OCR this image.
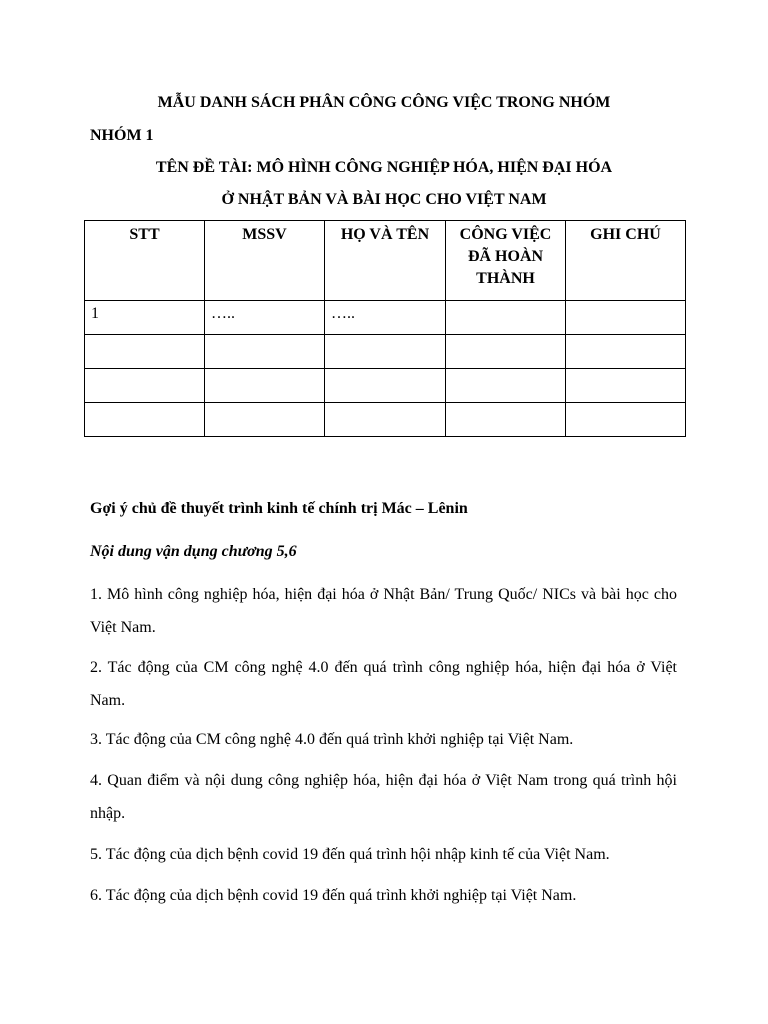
MẪU DANH SÁCH PHÂN CÔNG CÔNG VIỆC TRONG NHÓM
NHÓM 1
TÊN ĐỀ TÀI: MÔ HÌNH CÔNG NGHIỆP HÓA, HIỆN ĐẠI HÓA
Ở NHẬT BẢN VÀ BÀI HỌC CHO VIỆT NAM
STT	MSSV	HỌ VÀ TÊN	CÔNG VIỆC ĐÃ HOÀN THÀNH	GHI CHÚ
1	…..	…..		

Gợi ý chủ đề thuyết trình kinh tế chính trị Mác – Lênin
Nội dung vận dụng chương 5,6
1. Mô hình công nghiệp hóa, hiện đại hóa ở Nhật Bản/ Trung Quốc/ NICs và bài học cho Việt Nam.
2. Tác động của CM công nghệ 4.0 đến quá trình công nghiệp hóa, hiện đại hóa ở Việt Nam.
3. Tác động của CM công nghệ 4.0 đến quá trình khởi nghiệp tại Việt Nam.
4. Quan điểm và nội dung công nghiệp hóa, hiện đại hóa ở Việt Nam trong quá trình hội nhập.
5. Tác động của dịch bệnh covid 19 đến quá trình hội nhập kinh tế của Việt Nam.
6. Tác động của dịch bệnh covid 19 đến quá trình khởi nghiệp tại Việt Nam.
